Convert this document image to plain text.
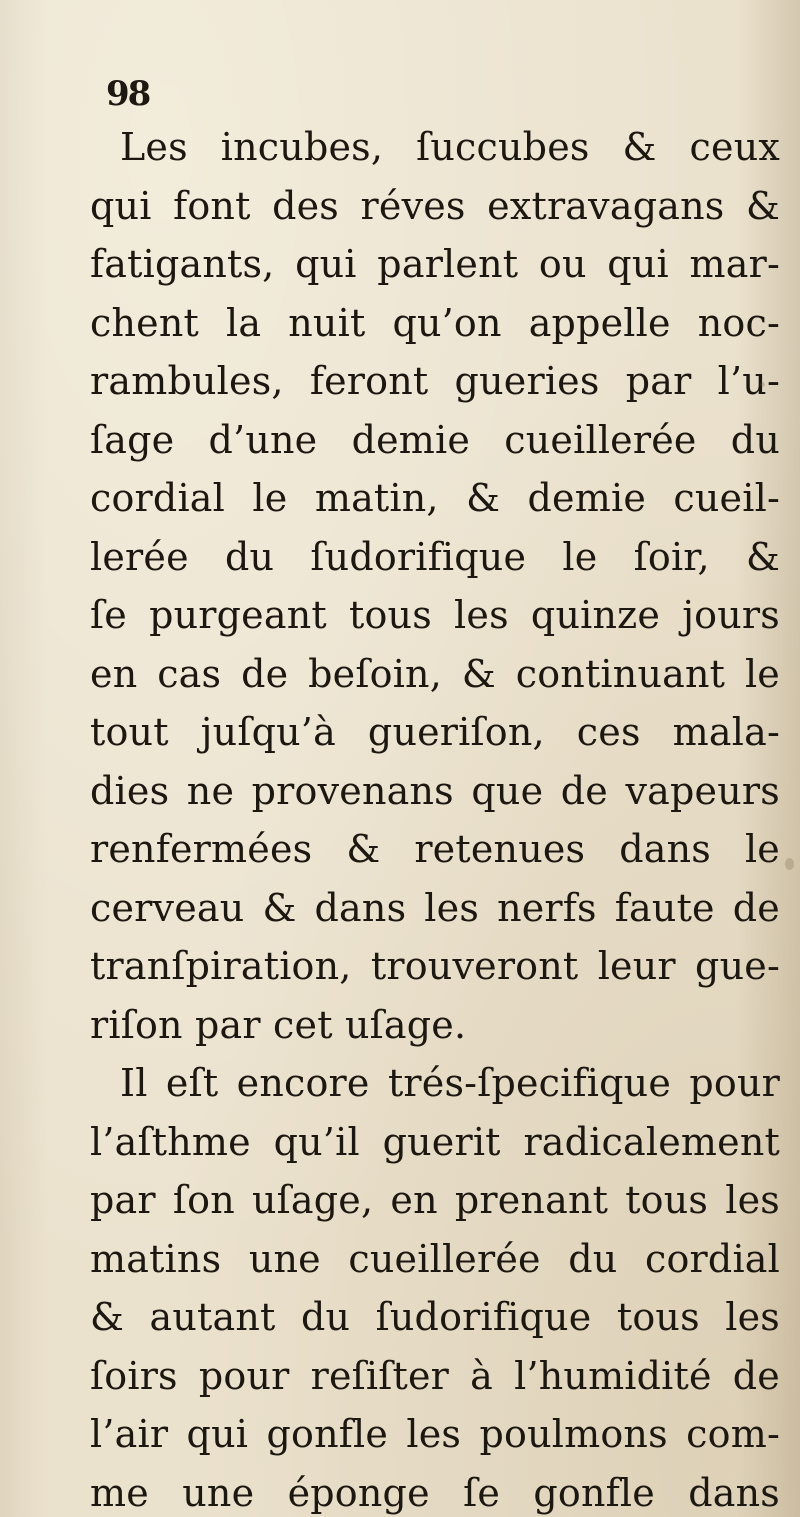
98
Les incubes, ſuccubes & ceux
qui font des réves extravagans &
fatigants, qui parlent ou qui mar-
chent la nuit qu’on appelle noc-
rambules, feront gueries par l’u-
ſage d’une demie cueillerée du
cordial le matin, & demie cueil-
lerée du ſudorifique le ſoir, &
ſe purgeant tous les quinze jours
en cas de beſoin, & continuant le
tout juſqu’à gueriſon, ces mala-
dies ne provenans que de vapeurs
renfermées & retenues dans le
cerveau & dans les nerfs faute de
tranſpiration, trouveront leur gue-
riſon par cet uſage.
Il eſt encore trés-ſpecifique pour
l’aſthme qu’il guerit radicalement
par ſon uſage, en prenant tous les
matins une cueillerée du cordial
& autant du ſudorifique tous les
ſoirs pour reſiſter à l’humidité de
l’air qui gonfle les poulmons com-
me une éponge ſe gonfle dans
